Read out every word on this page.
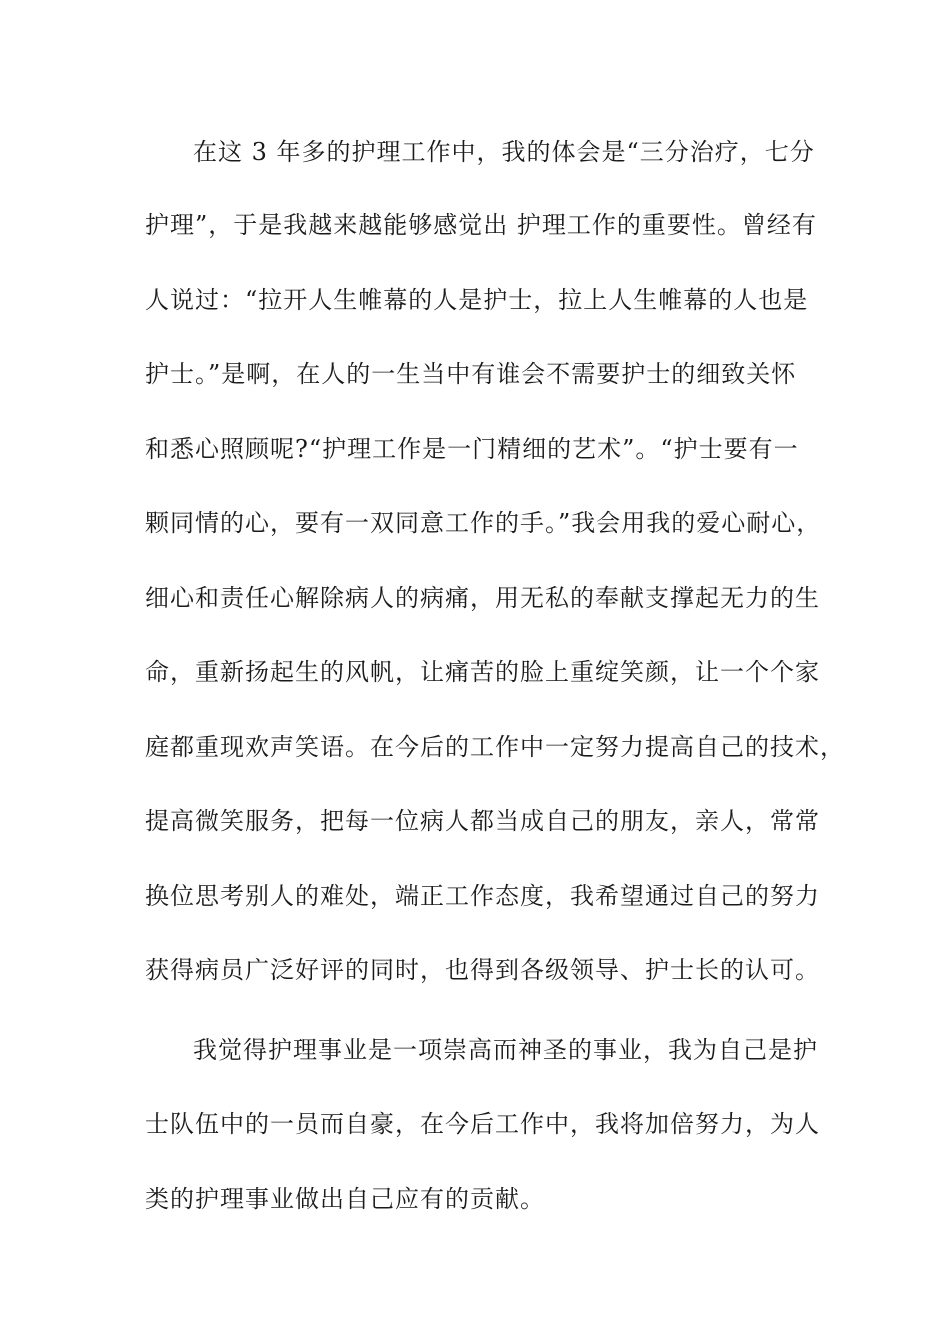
在这 3 年多的护理工作中，我的体会是“三分治疗，七分
护理”，于是我越来越能够感觉出 护理工作的重要性。曾经有
人说过：“拉开人生帷幕的人是护士，拉上人生帷幕的人也是
护士。”是啊，在人的一生当中有谁会不需要护士的细致关怀
和悉心照顾呢?“护理工作是一门精细的艺术”。“护士要有一
颗同情的心，要有一双同意工作的手。”我会用我的爱心耐心，
细心和责任心解除病人的病痛，用无私的奉献支撑起无力的生
命，重新扬起生的风帆，让痛苦的脸上重绽笑颜，让一个个家
庭都重现欢声笑语。在今后的工作中一定努力提高自己的技术，
提高微笑服务，把每一位病人都当成自己的朋友，亲人，常常
换位思考别人的难处，端正工作态度，我希望通过自己的努力
获得病员广泛好评的同时，也得到各级领导、护士长的认可。
我觉得护理事业是一项崇高而神圣的事业，我为自己是护
士队伍中的一员而自豪，在今后工作中，我将加倍努力，为人
类的护理事业做出自己应有的贡献。
